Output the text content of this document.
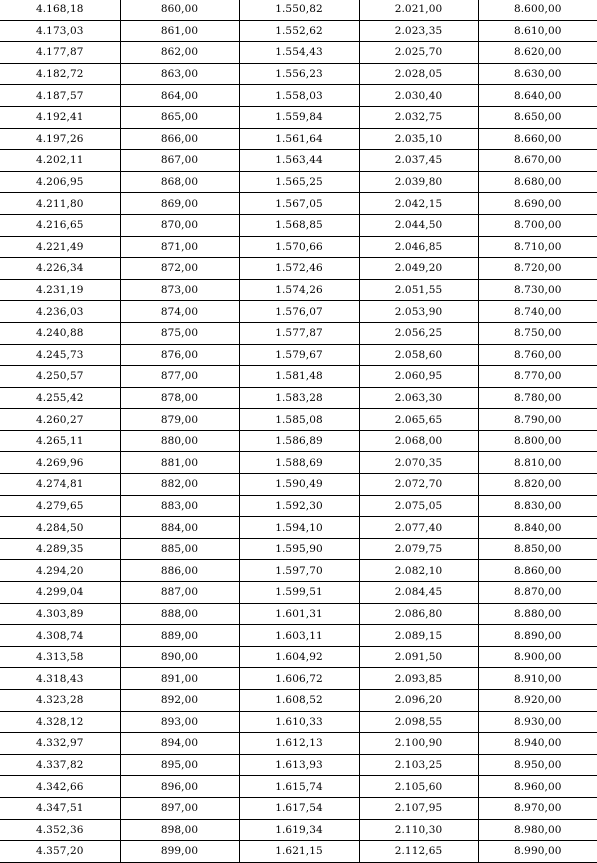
4.168,18	860,00	1.550,82	2.021,00	8.600,00
4.173,03	861,00	1.552,62	2.023,35	8.610,00
4.177,87	862,00	1.554,43	2.025,70	8.620,00
4.182,72	863,00	1.556,23	2.028,05	8.630,00
4.187,57	864,00	1.558,03	2.030,40	8.640,00
4.192,41	865,00	1.559,84	2.032,75	8.650,00
4.197,26	866,00	1.561,64	2.035,10	8.660,00
4.202,11	867,00	1.563,44	2.037,45	8.670,00
4.206,95	868,00	1.565,25	2.039,80	8.680,00
4.211,80	869,00	1.567,05	2.042,15	8.690,00
4.216,65	870,00	1.568,85	2.044,50	8.700,00
4.221,49	871,00	1.570,66	2.046,85	8.710,00
4.226,34	872,00	1.572,46	2.049,20	8.720,00
4.231,19	873,00	1.574,26	2.051,55	8.730,00
4.236,03	874,00	1.576,07	2.053,90	8.740,00
4.240,88	875,00	1.577,87	2.056,25	8.750,00
4.245,73	876,00	1.579,67	2.058,60	8.760,00
4.250,57	877,00	1.581,48	2.060,95	8.770,00
4.255,42	878,00	1.583,28	2.063,30	8.780,00
4.260,27	879,00	1.585,08	2.065,65	8.790,00
4.265,11	880,00	1.586,89	2.068,00	8.800,00
4.269,96	881,00	1.588,69	2.070,35	8.810,00
4.274,81	882,00	1.590,49	2.072,70	8.820,00
4.279,65	883,00	1.592,30	2.075,05	8.830,00
4.284,50	884,00	1.594,10	2.077,40	8.840,00
4.289,35	885,00	1.595,90	2.079,75	8.850,00
4.294,20	886,00	1.597,70	2.082,10	8.860,00
4.299,04	887,00	1.599,51	2.084,45	8.870,00
4.303,89	888,00	1.601,31	2.086,80	8.880,00
4.308,74	889,00	1.603,11	2.089,15	8.890,00
4.313,58	890,00	1.604,92	2.091,50	8.900,00
4.318,43	891,00	1.606,72	2.093,85	8.910,00
4.323,28	892,00	1.608,52	2.096,20	8.920,00
4.328,12	893,00	1.610,33	2.098,55	8.930,00
4.332,97	894,00	1.612,13	2.100,90	8.940,00
4.337,82	895,00	1.613,93	2.103,25	8.950,00
4.342,66	896,00	1.615,74	2.105,60	8.960,00
4.347,51	897,00	1.617,54	2.107,95	8.970,00
4.352,36	898,00	1.619,34	2.110,30	8.980,00
4.357,20	899,00	1.621,15	2.112,65	8.990,00
